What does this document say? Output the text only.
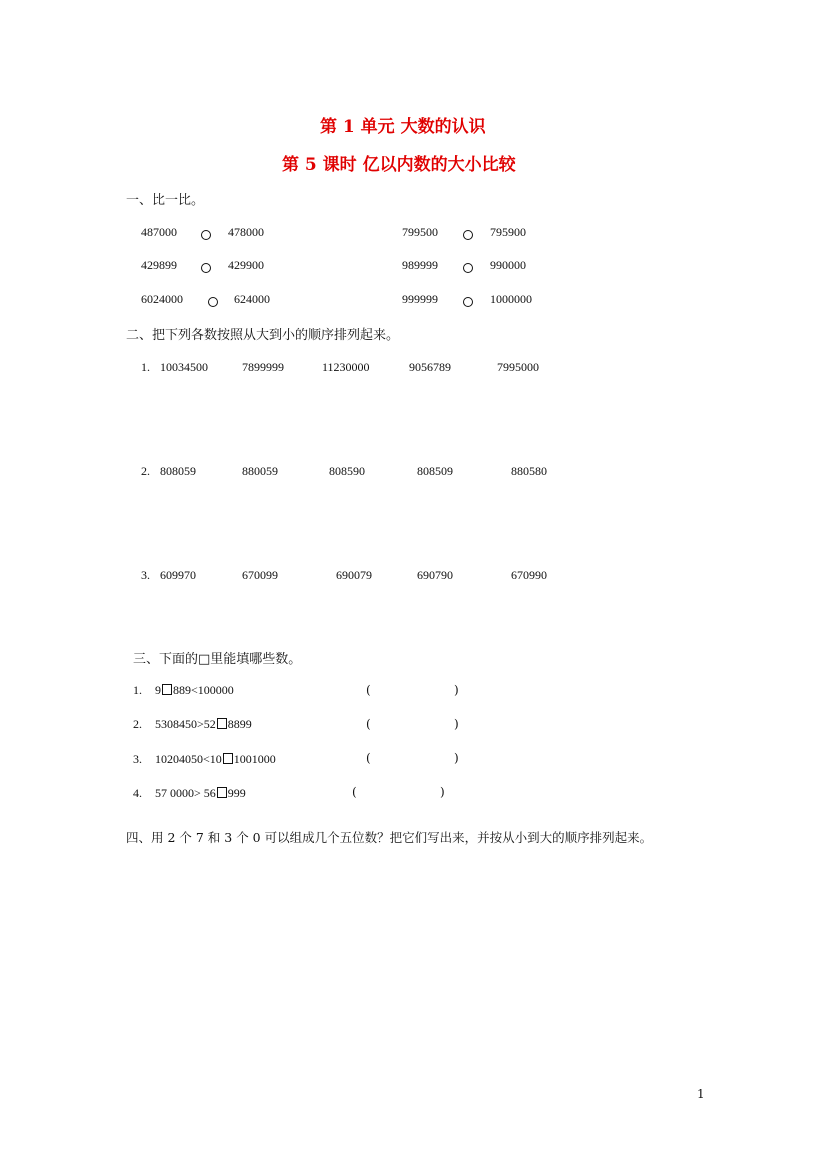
第 1 单元 大数的认识
第 5 课时 亿以内数的大小比较
一、比一比。
487000	478000	799500	795900
429899	429900	989999	990000
6024000	624000	999999	1000000
二、把下列各数按照从大到小的顺序排列起来。
1. 10034500	7899999	11230000	9056789	7995000
2. 808059	880059	808590	808509	880580
3. 609970	670099	690079	690790	670990
三、下面的□里能填哪些数。
1. 9 889<100000	(	)
2. 5308450>52 8899	(	)
3. 10204050<10 1001000	(	)
4. 57 0000> 56 999	(	)
四、用 2 个 7 和 3 个 0 可以组成几个五位数？把它们写出来，并按从小到大的顺序排列起来。
1
